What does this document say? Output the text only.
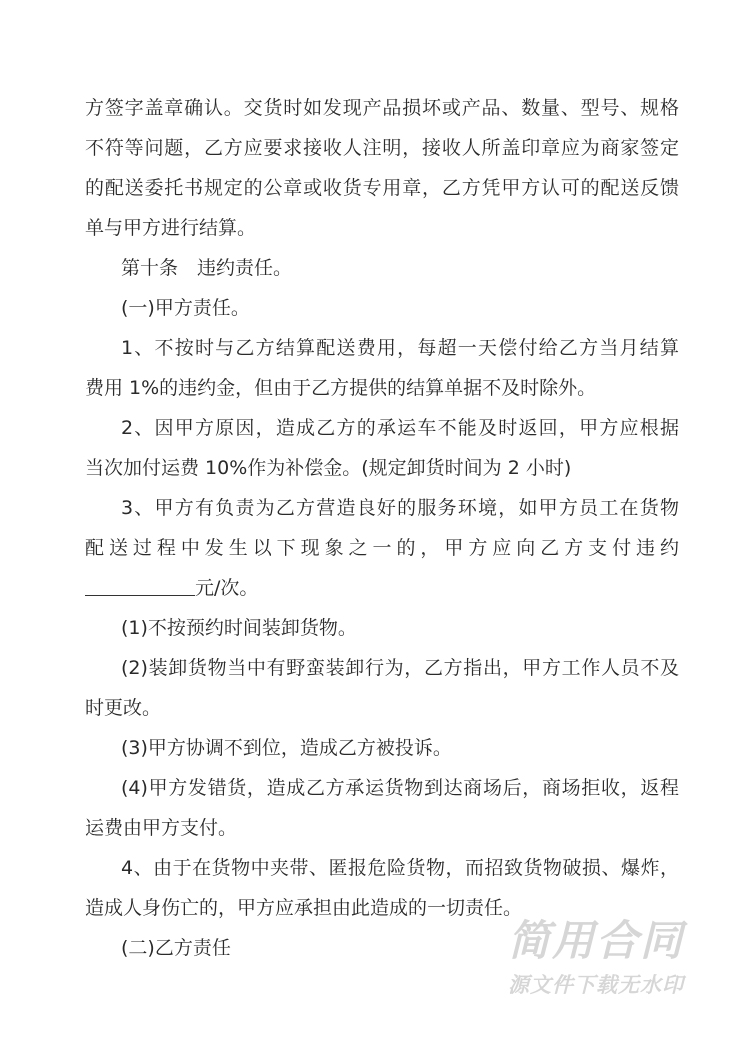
方签字盖章确认。交货时如发现产品损坏或产品、数量、型号、规格
不符等问题，乙方应要求接收人注明，接收人所盖印章应为商家签定
的配送委托书规定的公章或收货专用章，乙方凭甲方认可的配送反馈
单与甲方进行结算。
第十条　违约责任。
(一)甲方责任。
1、不按时与乙方结算配送费用，每超一天偿付给乙方当月结算
费用 1%的违约金，但由于乙方提供的结算单据不及时除外。
2、因甲方原因，造成乙方的承运车不能及时返回，甲方应根据
当次加付运费 10%作为补偿金。(规定卸货时间为 2 小时)
3、甲方有负责为乙方营造良好的服务环境，如甲方员工在货物
配送过程中发生以下现象之一的，甲方应向乙方支付违约
元/次。
(1)不按预约时间装卸货物。
(2)装卸货物当中有野蛮装卸行为，乙方指出，甲方工作人员不及
时更改。
(3)甲方协调不到位，造成乙方被投诉。
(4)甲方发错货，造成乙方承运货物到达商场后，商场拒收，返程
运费由甲方支付。
4、由于在货物中夹带、匿报危险货物，而招致货物破损、爆炸，
造成人身伤亡的，甲方应承担由此造成的一切责任。
(二)乙方责任	简用合同
源文件下载无水印
